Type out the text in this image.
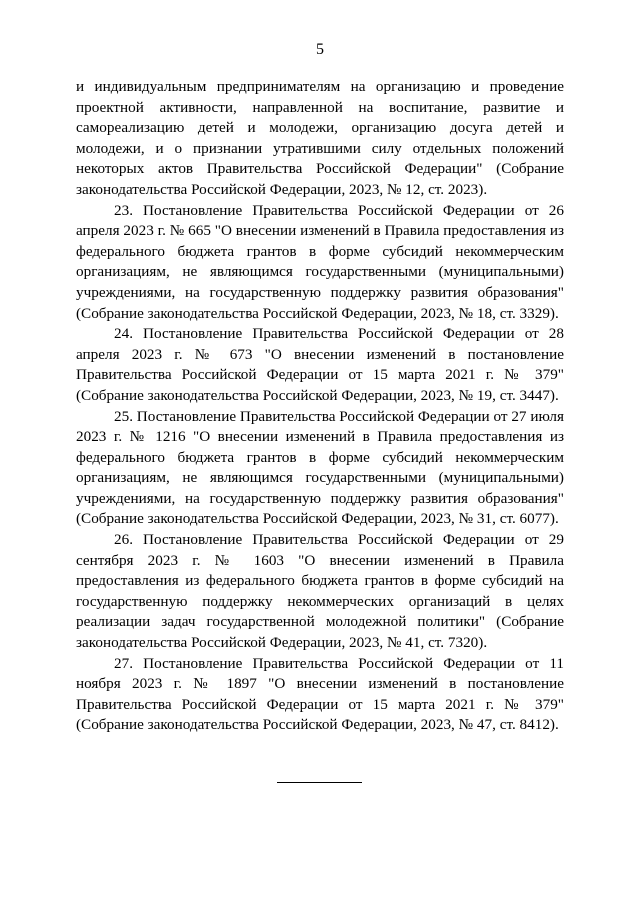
5

и индивидуальным предпринимателям на организацию и проведение проектной активности, направленной на воспитание, развитие и самореализацию детей и молодежи, организацию досуга детей и молодежи, и о признании утратившими силу отдельных положений некоторых актов Правительства Российской Федерации" (Собрание законодательства Российской Федерации, 2023, № 12, ст. 2023).

23. Постановление Правительства Российской Федерации от 26 апреля 2023 г. № 665 "О внесении изменений в Правила предоставления из федерального бюджета грантов в форме субсидий некоммерческим организациям, не являющимся государственными (муниципальными) учреждениями, на государственную поддержку развития образования" (Собрание законодательства Российской Федерации, 2023, № 18, ст. 3329).

24. Постановление Правительства Российской Федерации от 28 апреля 2023 г. № 673 "О внесении изменений в постановление Правительства Российской Федерации от 15 марта 2021 г. № 379" (Собрание законодательства Российской Федерации, 2023, № 19, ст. 3447).

25. Постановление Правительства Российской Федерации от 27 июля 2023 г. № 1216 "О внесении изменений в Правила предоставления из федерального бюджета грантов в форме субсидий некоммерческим организациям, не являющимся государственными (муниципальными) учреждениями, на государственную поддержку развития образования" (Собрание законодательства Российской Федерации, 2023, № 31, ст. 6077).

26. Постановление Правительства Российской Федерации от 29 сентября 2023 г. № 1603 "О внесении изменений в Правила предоставления из федерального бюджета грантов в форме субсидий на государственную поддержку некоммерческих организаций в целях реализации задач государственной молодежной политики" (Собрание законодательства Российской Федерации, 2023, № 41, ст. 7320).

27. Постановление Правительства Российской Федерации от 11 ноября 2023 г. № 1897 "О внесении изменений в постановление Правительства Российской Федерации от 15 марта 2021 г. № 379" (Собрание законодательства Российской Федерации, 2023, № 47, ст. 8412).
